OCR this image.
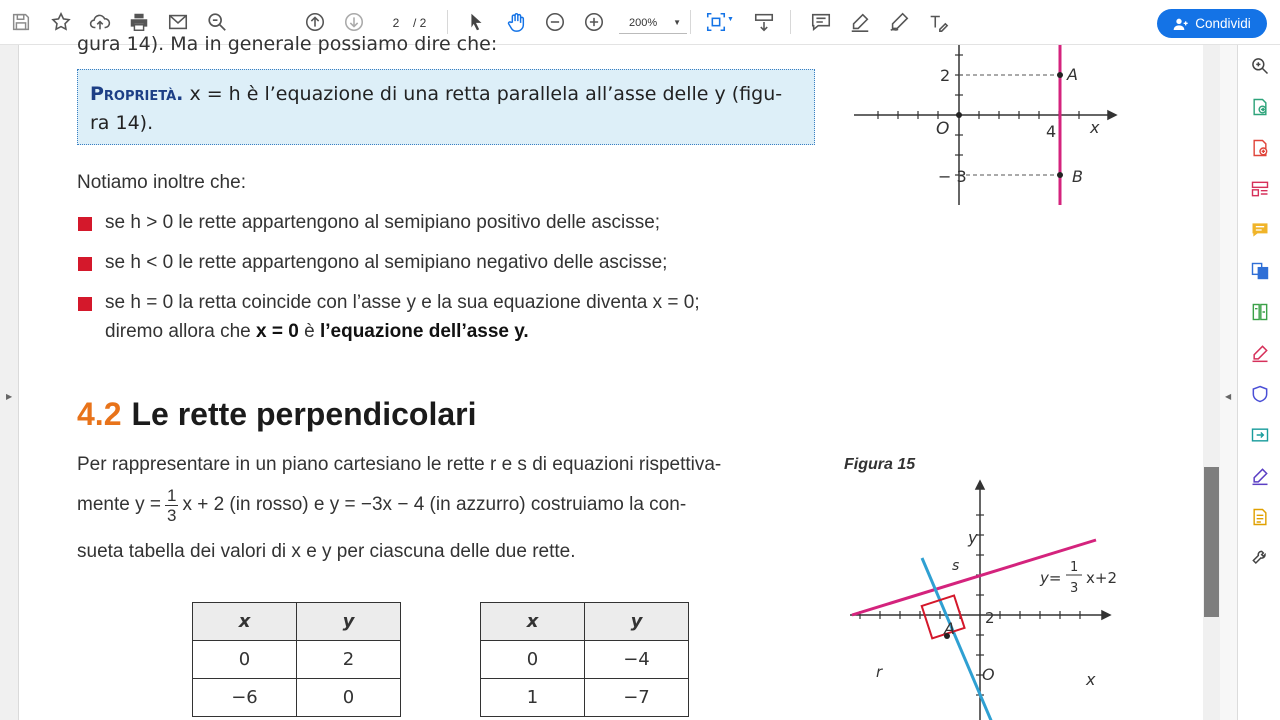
2
/ 2	200% ▼	▼	Condividi
▶
gura 14). Ma in generale possiamo dire che:
Proprietà. x = h è l’equazione di una retta parallela all’asse delle y (figu-
ra 14).
Notiamo inoltre che:
se h > 0 le rette appartengono al semipiano positivo delle ascisse;
se h < 0 le rette appartengono al semipiano negativo delle ascisse;
se h = 0 la retta coincide con l’asse y e la sua equazione diventa x = 0;
diremo allora che x = 0 è l’equazione dell’asse y.
4.2 Le rette perpendicolari
Per rappresentare in un piano cartesiano le rette r e s di equazioni rispettiva-
mente $y = \frac{1}{3}$ x + 2 (in rosso) e y = −3x − 4 (in azzurro) costruiamo la con-
sueta tabella dei valori di x e y per ciascuna delle due rette.
Figura 15
x	y
0	2
−6	0
x	y
0	−4
1	−7
2
− 3
O	4 x
A
B
y
s
y=
1
3
x+2
A
2
r	O	x
◀
